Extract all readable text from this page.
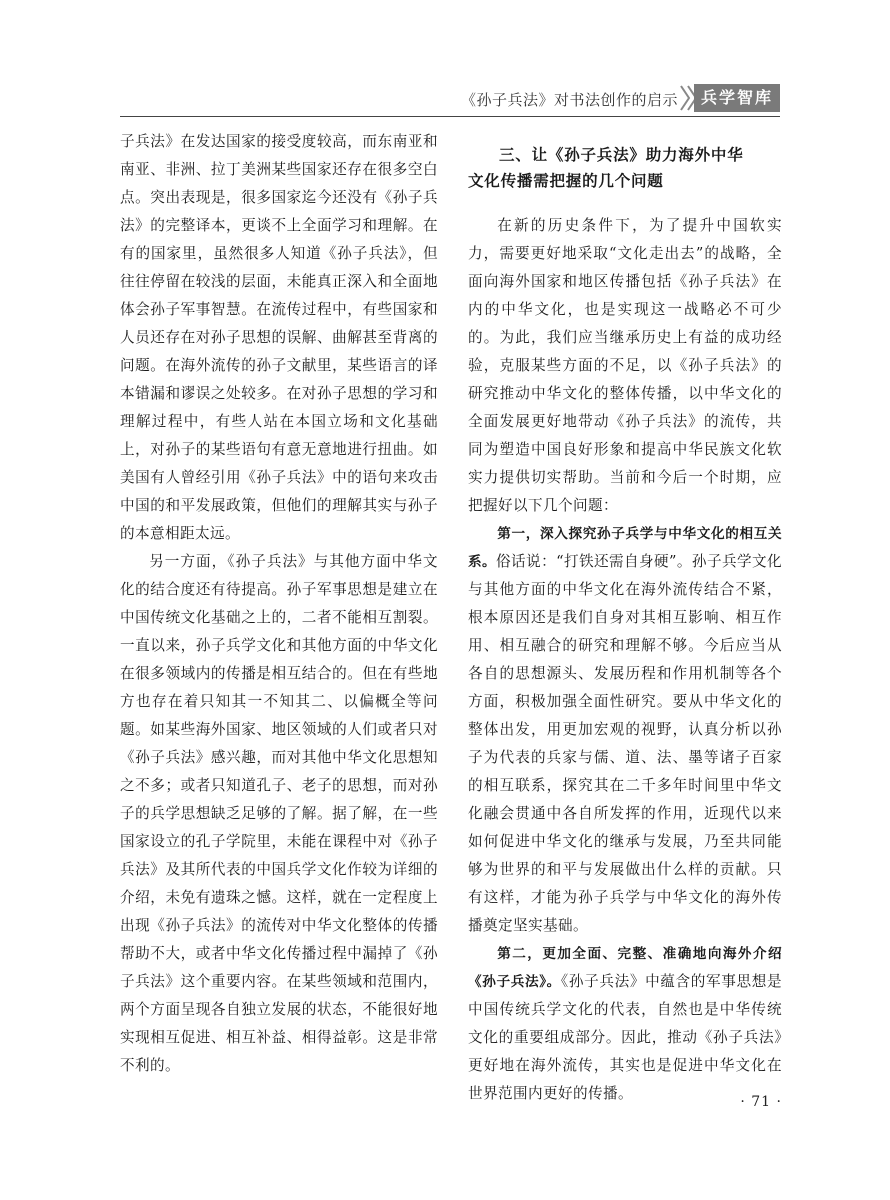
《孙子兵法》对书法创作的启示	兵学智库

子兵法》在发达国家的接受度较高，而东南亚和南亚、非洲、拉丁美洲某些国家还存在很多空白点。突出表现是，很多国家迄今还没有《孙子兵法》的完整译本，更谈不上全面学习和理解。在有的国家里，虽然很多人知道《孙子兵法》，但往往停留在较浅的层面，未能真正深入和全面地体会孙子军事智慧。在流传过程中，有些国家和人员还存在对孙子思想的误解、曲解甚至背离的问题。在海外流传的孙子文献里，某些语言的译本错漏和谬误之处较多。在对孙子思想的学习和理解过程中，有些人站在本国立场和文化基础上，对孙子的某些语句有意无意地进行扭曲。如美国有人曾经引用《孙子兵法》中的语句来攻击中国的和平发展政策，但他们的理解其实与孙子的本意相距太远。

另一方面，《孙子兵法》与其他方面中华文化的结合度还有待提高。孙子军事思想是建立在中国传统文化基础之上的，二者不能相互割裂。一直以来，孙子兵学文化和其他方面的中华文化在很多领域内的传播是相互结合的。但在有些地方也存在着只知其一不知其二、以偏概全等问题。如某些海外国家、地区领域的人们或者只对《孙子兵法》感兴趣，而对其他中华文化思想知之不多；或者只知道孔子、老子的思想，而对孙子的兵学思想缺乏足够的了解。据了解，在一些国家设立的孔子学院里，未能在课程中对《孙子兵法》及其所代表的中国兵学文化作较为详细的介绍，未免有遗珠之憾。这样，就在一定程度上出现《孙子兵法》的流传对中华文化整体的传播帮助不大，或者中华文化传播过程中漏掉了《孙子兵法》这个重要内容。在某些领域和范围内，两个方面呈现各自独立发展的状态，不能很好地实现相互促进、相互补益、相得益彰。这是非常不利的。

三、让《孙子兵法》助力海外中华
文化传播需把握的几个问题

在新的历史条件下，为了提升中国软实力，需要更好地采取“文化走出去”的战略，全面向海外国家和地区传播包括《孙子兵法》在内的中华文化，也是实现这一战略必不可少的。为此，我们应当继承历史上有益的成功经验，克服某些方面的不足，以《孙子兵法》的研究推动中华文化的整体传播，以中华文化的全面发展更好地带动《孙子兵法》的流传，共同为塑造中国良好形象和提高中华民族文化软实力提供切实帮助。当前和今后一个时期，应把握好以下几个问题：

第一，深入探究孙子兵学与中华文化的相互关系。俗话说：“打铁还需自身硬”。孙子兵学文化与其他方面的中华文化在海外流传结合不紧，根本原因还是我们自身对其相互影响、相互作用、相互融合的研究和理解不够。今后应当从各自的思想源头、发展历程和作用机制等各个方面，积极加强全面性研究。要从中华文化的整体出发，用更加宏观的视野，认真分析以孙子为代表的兵家与儒、道、法、墨等诸子百家的相互联系，探究其在二千多年时间里中华文化融会贯通中各自所发挥的作用，近现代以来如何促进中华文化的继承与发展，乃至共同能够为世界的和平与发展做出什么样的贡献。只有这样，才能为孙子兵学与中华文化的海外传播奠定坚实基础。

第二，更加全面、完整、准确地向海外介绍《孙子兵法》。《孙子兵法》中蕴含的军事思想是中国传统兵学文化的代表，自然也是中华传统文化的重要组成部分。因此，推动《孙子兵法》更好地在海外流传，其实也是促进中华文化在世界范围内更好的传播。	· 71 ·
